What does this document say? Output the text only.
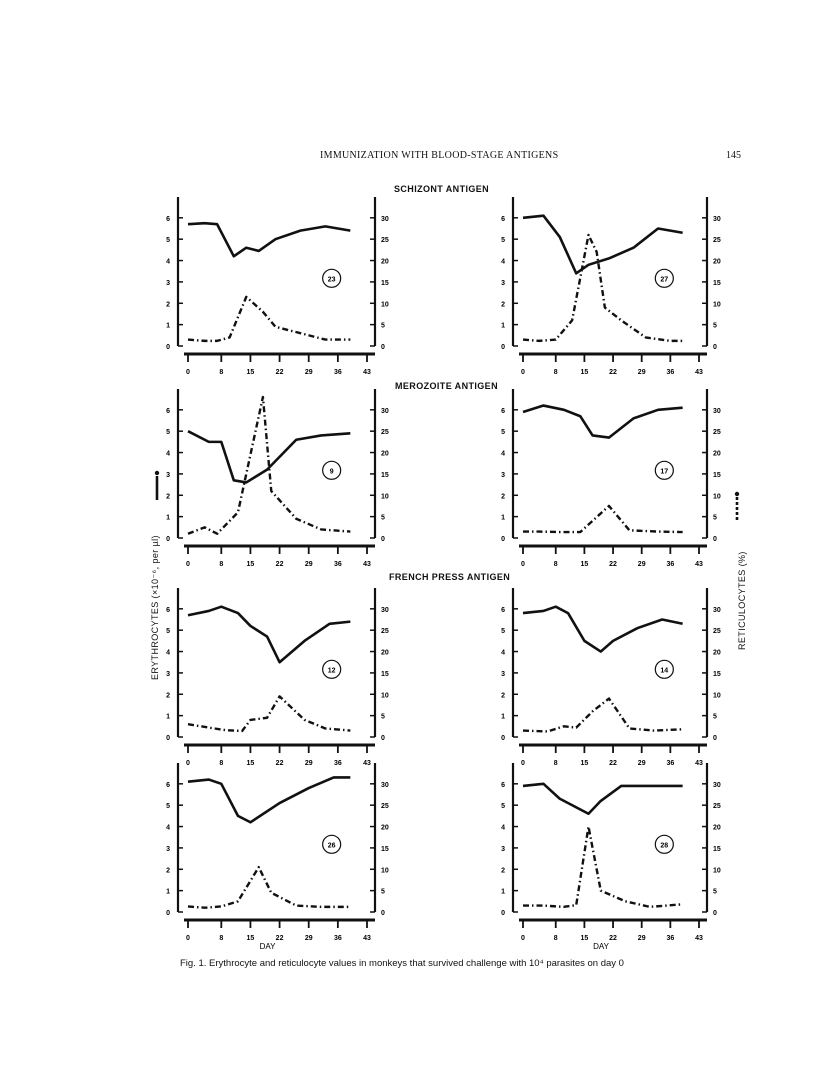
IMMUNIZATION WITH BLOOD-STAGE ANTIGENS	145
SCHIZONT ANTIGEN
MEROZOITE ANTIGEN
FRENCH PRESS ANTIGEN
ERYTHROCYTES (×10⁻⁶, per µl)	RETICULOCYTES (%)
0
1
2
3
4
5
6
0
5
10
15
20
25
30
0	8	15	22	29	36	43
23
0
1
2
3
4
5
6
0
5
10
15
20
25
30
0	8	15	22	29	36	43
27
0
1
2
3
4
5
6
0
5
10
15
20
25
30
0	8	15	22	29	36	43
9
0
1
2
3
4
5
6
0
5
10
15
20
25
30
0	8	15	22	29	36	43
17
0
1
2
3
4
5
6
0
5
10
15
20
25
30
0	8	15	22	29	36	43
12
0
1
2
3
4
5
6
0
5
10
15
20
25
30
0	8	15	22	29	36	43
14
0
1
2
3
4
5
6
0
5
10
15
20
25
30
0	8	15	22	29	36	43
DAY
26
0
1
2
3
4
5
6
0
5
10
15
20
25
30
0	8	15	22	29	36	43
DAY
28
Fig. 1. Erythrocyte and reticulocyte values in monkeys that survived challenge with 10⁴ parasites on day 0
